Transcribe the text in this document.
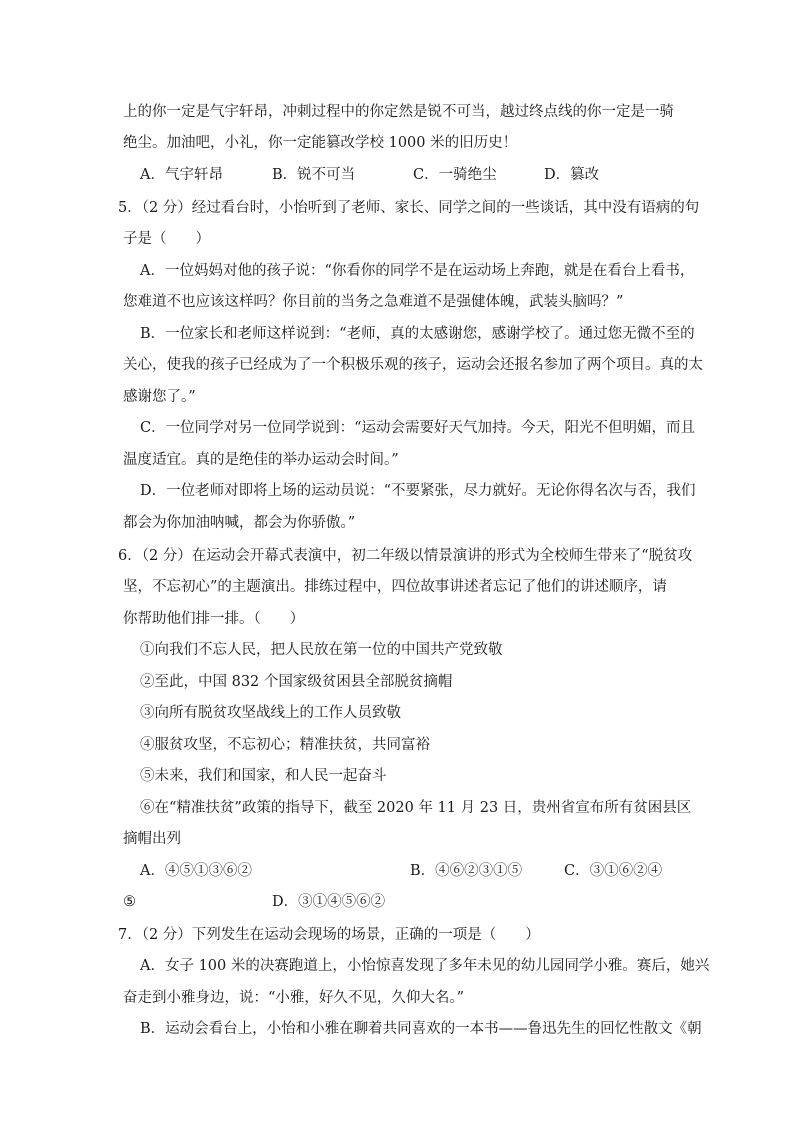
上的你一定是气宇轩昂，冲刺过程中的你定然是锐不可当，越过终点线的你一定是一骑
绝尘。加油吧，小礼，你一定能篡改学校 1000 米的旧历史！
A．气宇轩昂	B．锐不可当	C．一骑绝尘	D．篡改
5．（2 分）经过看台时，小怡听到了老师、家长、同学之间的一些谈话，其中没有语病的句
子是（　　）
A．一位妈妈对他的孩子说：“你看你的同学不是在运动场上奔跑，就是在看台上看书，
您难道不也应该这样吗？你目前的当务之急难道不是强健体魄，武装头脑吗？”
B．一位家长和老师这样说到：“老师，真的太感谢您，感谢学校了。通过您无微不至的
关心，使我的孩子已经成为了一个积极乐观的孩子，运动会还报名参加了两个项目。真的太
感谢您了。”
C．一位同学对另一位同学说到：“运动会需要好天气加持。今天，阳光不但明媚，而且
温度适宜。真的是绝佳的举办运动会时间。”
D．一位老师对即将上场的运动员说：“不要紧张，尽力就好。无论你得名次与否，我们
都会为你加油呐喊，都会为你骄傲。”
6．（2 分）在运动会开幕式表演中，初二年级以情景演讲的形式为全校师生带来了“脱贫攻
坚，不忘初心”的主题演出。排练过程中，四位故事讲述者忘记了他们的讲述顺序，请
你帮助他们排一排。（　　）
①向我们不忘人民，把人民放在第一位的中国共产党致敬
②至此，中国 832 个国家级贫困县全部脱贫摘帽
③向所有脱贫攻坚战线上的工作人员致敬
④服贫攻坚，不忘初心；精准扶贫，共同富裕
⑤未来，我们和国家，和人民一起奋斗
⑥在“精准扶贫”政策的指导下，截至 2020 年 11 月 23 日，贵州省宣布所有贫困县区
摘帽出列
A．④⑤①③⑥②	B．④⑥②③①⑤	C．③①⑥②④
⑤	D．③①④⑤⑥②
7．（2 分）下列发生在运动会现场的场景，正确的一项是（　　）
A．女子 100 米的决赛跑道上，小怡惊喜发现了多年未见的幼儿园同学小雅。赛后，她兴
奋走到小雅身边，说：“小雅，好久不见，久仰大名。”
B．运动会看台上，小怡和小雅在聊着共同喜欢的一本书——鲁迅先生的回忆性散文《朝
